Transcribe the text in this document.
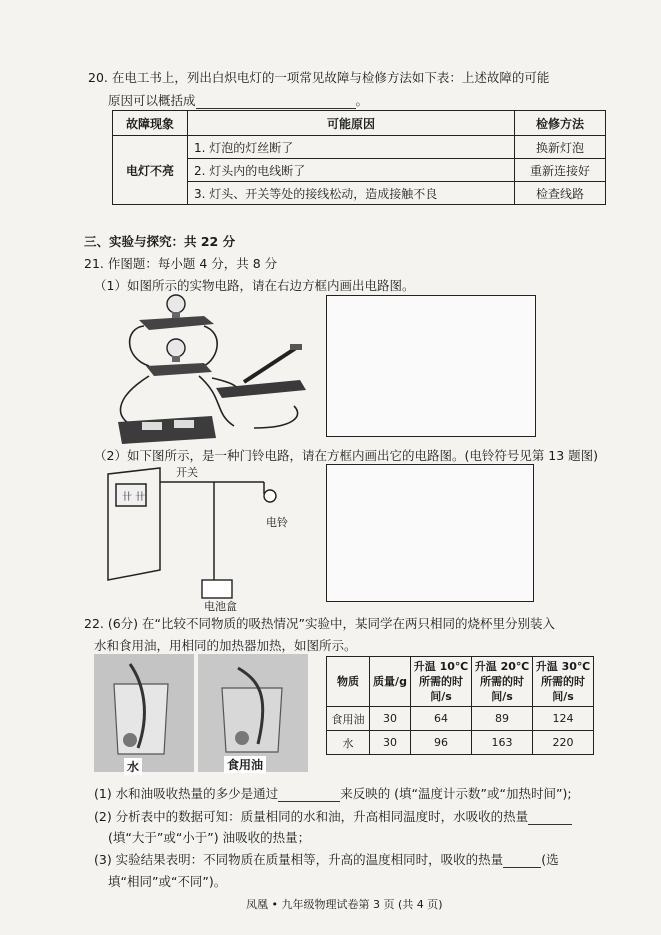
20. 在电工书上，列出白炽电灯的一项常见故障与检修方法如下表：上述故障的可能
原因可以概括成	。
故障现象	可能原因	检修方法
电灯不亮	1. 灯泡的灯丝断了	换新灯泡
	2. 灯头内的电线断了	重新连接好
	3. 灯头、开关等处的接线松动，造成接触不良	检查线路
三、实验与探究：共 22 分
21. 作图题：每小题 4 分，共 8 分
（1）如图所示的实物电路，请在右边方框内画出电路图。
（2）如下图所示，是一种门铃电路，请在方框内画出它的电路图。(电铃符号见第 13 题图)
卄 卄
开关
电铃
电池盒
22. (6分) 在“比较不同物质的吸热情况”实验中，某同学在两只相同的烧杯里分别装入
水和食用油，用相同的加热器加热，如图所示。
水	食用油
物质	质量/g	升温 10℃
所需的时
间/s	升温 20℃
所需的时
间/s	升温 30℃
所需的时
间/s
食用油	30	64	89	124
水	30	96	163	220
(1) 水和油吸收热量的多少是通过	来反映的 (填“温度计示数”或“加热时间”);
(2) 分析表中的数据可知：质量相同的水和油，升高相同温度时，水吸收的热量
(填“大于”或“小于”) 油吸收的热量；
(3) 实验结果表明：不同物质在质量相等，升高的温度相同时，吸收的热量	(选
填“相同”或“不同”)。
凤凰 • 九年级物理试卷第 3 页 (共 4 页)
